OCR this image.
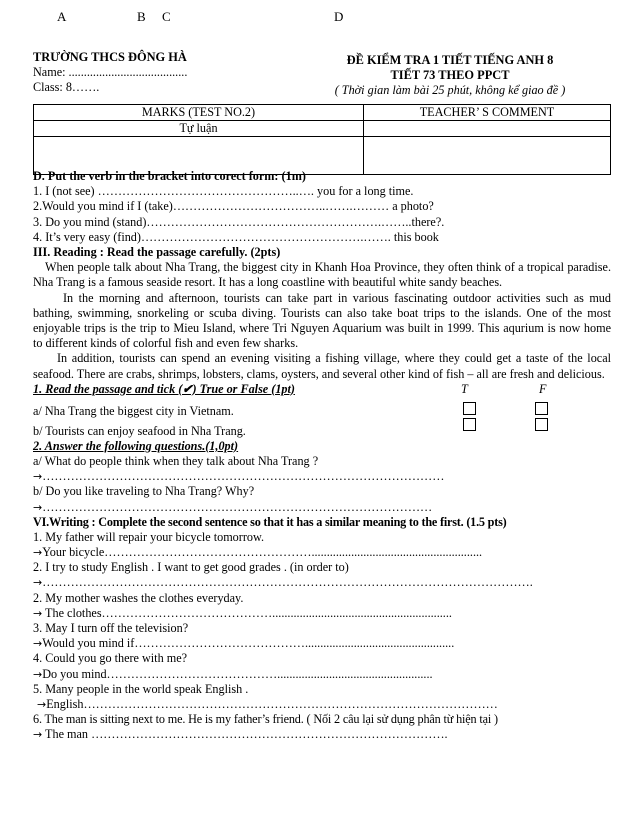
A	B C	D
TRƯỜNG THCS ĐÔNG HÀ
Name: .......................................
Class: 8…….
ĐỀ KIỂM TRA 1 TIẾT TIẾNG ANH 8
TIẾT 73 THEO PPCT
( Thời gian làm bài 25 phút, không kể giao đề )
MARKS (TEST NO.2)	TEACHER’ S COMMENT
Tự luận	

D. Put the verb in the bracket into corect form: (1m)
1. I (not see) …………………………………………..…. you for a long time.
2.Would you mind if I (take)………………………………..…….……… a photo?
3. Do you mind (stand)………………………………………………….……..there?.
4. It’s very easy (find)……………………………………………….……. this book
III. Reading : Read the passage carefully. (2pts)
When people talk about Nha Trang, the biggest city in Khanh Hoa Province, they often think of a tropical paradise. Nha Trang is a famous seaside resort. It has a long coastline with beautiful white sandy beaches.
In the morning and afternoon, tourists can take part in various fascinating outdoor activities such as mud bathing, swimming, snorkeling or scuba diving. Tourists can also take boat trips to the islands. One of the most enjoyable trips is the trip to Mieu Island, where Tri Nguyen Aquarium was built in 1999. This aqurium is now home to different kinds of colorful fish and even few sharks.
In addition, tourists can spend an evening visiting a fishing village, where they could get a taste of the local seafood. There are crabs, shrimps, lobsters, clams, oysters, and several other kind of fish – all are fresh and delicious.
1. Read the passage and tick (✔) True or False (1pt)	T	F
a/ Nha Trang the biggest city in Vietnam.
b/ Tourists can enjoy seafood in Nha Trang.
2. Answer the following questions.(1,0pt)
a/ What do people think when they talk about Nha Trang ?
→………………………………………………………………………………………
b/ Do you like traveling to Nha Trang? Why?
→……………………………………………………………………………………
VI.Writing : Complete the second sentence so that it has a similar meaning to the first. (1.5 pts)
1. My father will repair your bicycle tomorrow.
→Your bicycle……………………………………………........................................................
2. I try to study English . I want to get good grades . (in order to)
→………………………………………………………………………………………………………….
2. My mother washes the clothes everyday.
→ The clothes……………………………………...........................................................
3. May I turn off the television?
→Would you mind if…………………………………….................................................
4. Could you go there with me?
→Do you mind……………………………………...................................................
5. Many people in the world speak English .
→English…………………………………………………………………………………………
6. The man is sitting next to me. He is my father’s friend. ( Nối 2 câu lại sử dụng phân từ hiện tại )
→ The man …………………………………………………………………………….
